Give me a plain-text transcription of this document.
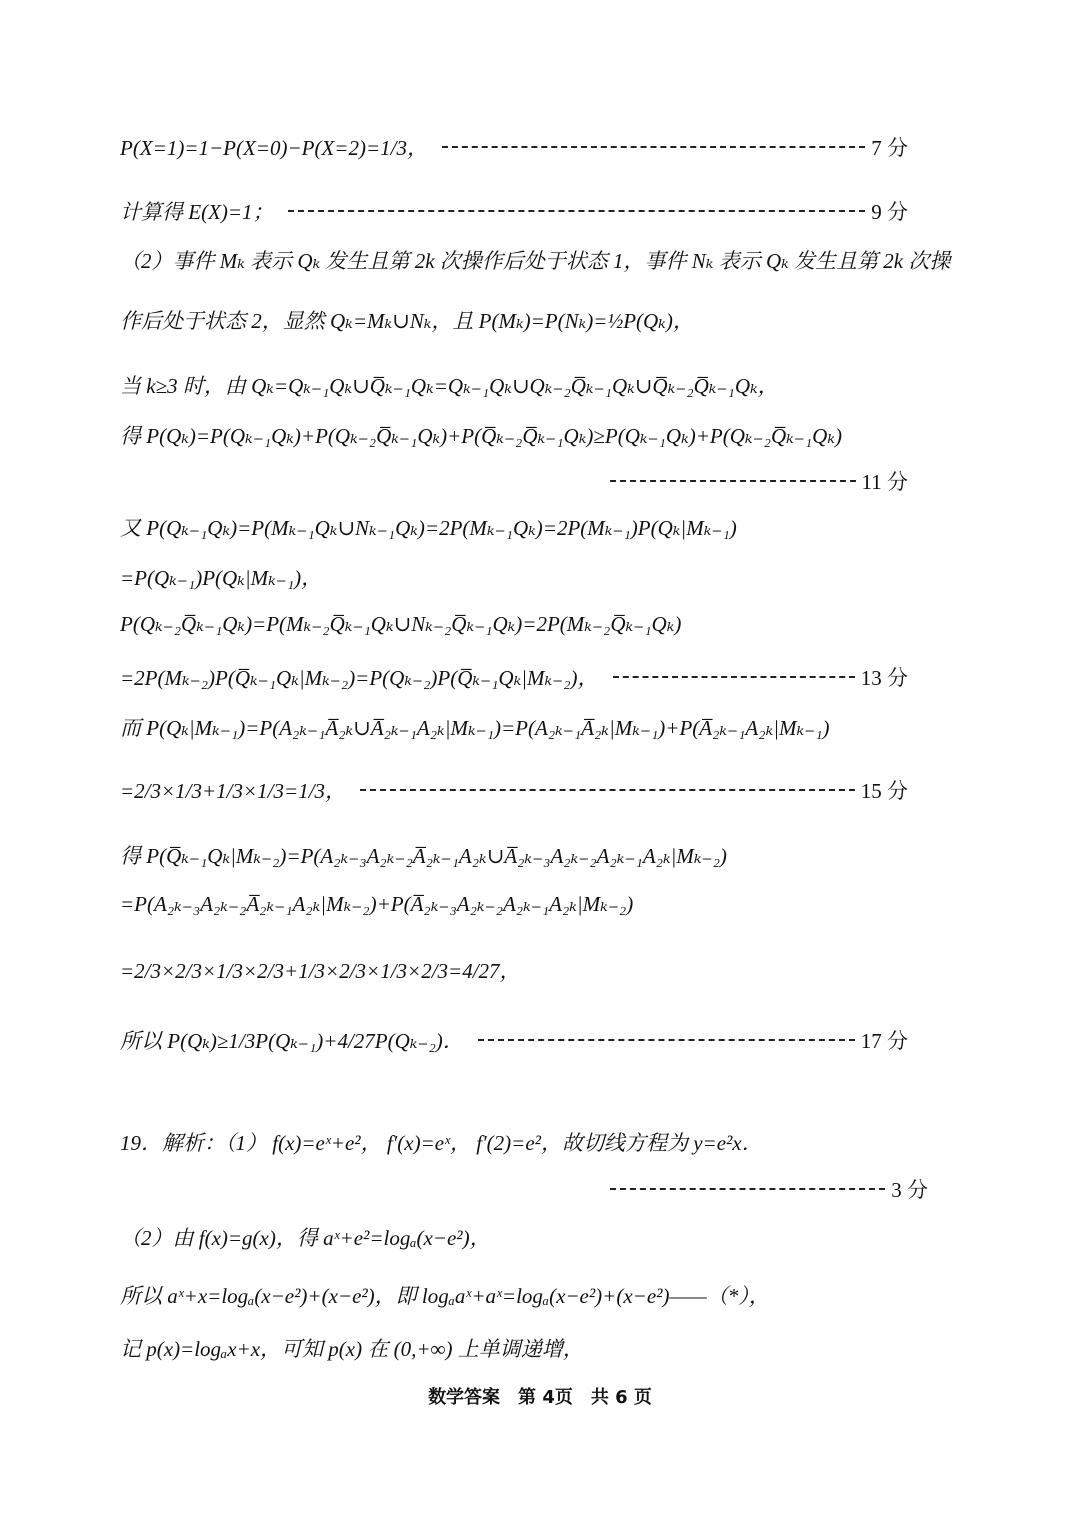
P(X=1)=1−P(X=0)−P(X=2)=1/3，	7 分
计算得 E(X)=1；	9 分
（2）事件 Mₖ 表示 Qₖ 发生且第 2k 次操作后处于状态 1，事件 Nₖ 表示 Qₖ 发生且第 2k 次操
作后处于状态 2，显然 Qₖ=Mₖ∪Nₖ，且 P(Mₖ)=P(Nₖ)=½P(Qₖ)，
当 k≥3 时，由 Qₖ=Qₖ₋₁Qₖ∪Q̅ₖ₋₁Qₖ=Qₖ₋₁Qₖ∪Qₖ₋₂Q̅ₖ₋₁Qₖ∪Q̅ₖ₋₂Q̅ₖ₋₁Qₖ，
得 P(Qₖ)=P(Qₖ₋₁Qₖ)+P(Qₖ₋₂Q̅ₖ₋₁Qₖ)+P(Q̅ₖ₋₂Q̅ₖ₋₁Qₖ)≥P(Qₖ₋₁Qₖ)+P(Qₖ₋₂Q̅ₖ₋₁Qₖ)
11 分
又 P(Qₖ₋₁Qₖ)=P(Mₖ₋₁Qₖ∪Nₖ₋₁Qₖ)=2P(Mₖ₋₁Qₖ)=2P(Mₖ₋₁)P(Qₖ|Mₖ₋₁)
=P(Qₖ₋₁)P(Qₖ|Mₖ₋₁)，
P(Qₖ₋₂Q̅ₖ₋₁Qₖ)=P(Mₖ₋₂Q̅ₖ₋₁Qₖ∪Nₖ₋₂Q̅ₖ₋₁Qₖ)=2P(Mₖ₋₂Q̅ₖ₋₁Qₖ)
=2P(Mₖ₋₂)P(Q̅ₖ₋₁Qₖ|Mₖ₋₂)=P(Qₖ₋₂)P(Q̅ₖ₋₁Qₖ|Mₖ₋₂)，	13 分
而 P(Qₖ|Mₖ₋₁)=P(A₂ₖ₋₁A̅₂ₖ∪A̅₂ₖ₋₁A₂ₖ|Mₖ₋₁)=P(A₂ₖ₋₁A̅₂ₖ|Mₖ₋₁)+P(A̅₂ₖ₋₁A₂ₖ|Mₖ₋₁)
=2/3×1/3+1/3×1/3=1/3，	15 分
得 P(Q̅ₖ₋₁Qₖ|Mₖ₋₂)=P(A₂ₖ₋₃A₂ₖ₋₂A̅₂ₖ₋₁A₂ₖ∪A̅₂ₖ₋₃A₂ₖ₋₂A₂ₖ₋₁A₂ₖ|Mₖ₋₂)
=P(A₂ₖ₋₃A₂ₖ₋₂A̅₂ₖ₋₁A₂ₖ|Mₖ₋₂)+P(A̅₂ₖ₋₃A₂ₖ₋₂A₂ₖ₋₁A₂ₖ|Mₖ₋₂)
=2/3×2/3×1/3×2/3+1/3×2/3×1/3×2/3=4/27，
所以 P(Qₖ)≥1/3P(Qₖ₋₁)+4/27P(Qₖ₋₂)．	17 分
19．解析：（1） f(x)=eˣ+e²， f′(x)=eˣ， f′(2)=e²，故切线方程为 y=e²x．
3 分
（2）由 f(x)=g(x)，得 aˣ+e²=logₐ(x−e²)，
所以 aˣ+x=logₐ(x−e²)+(x−e²)，即 logₐaˣ+aˣ=logₐ(x−e²)+(x−e²)——（*），
记 p(x)=logₐx+x，可知 p(x) 在 (0,+∞) 上单调递增，
数学答案　第 4页　共 6 页
